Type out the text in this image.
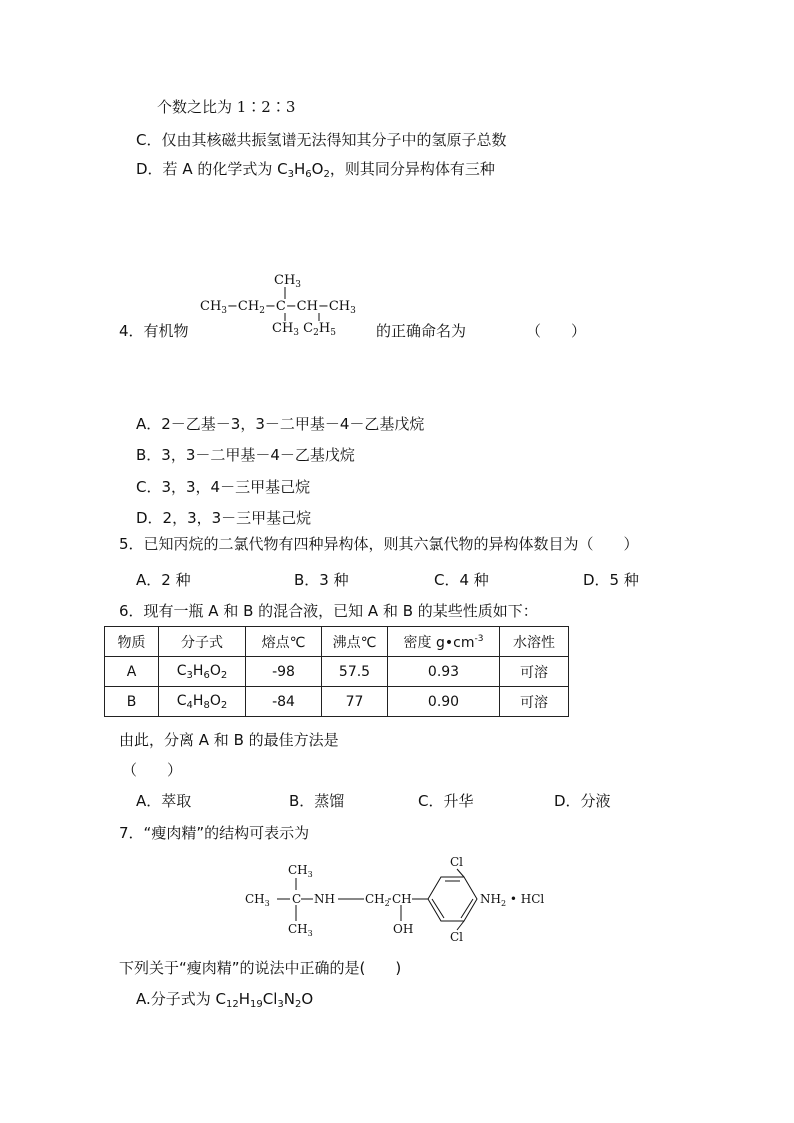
个数之比为 1∶2∶3
C．仅由其核磁共振氢谱无法得知其分子中的氢原子总数
D．若 A 的化学式为 $C_3H_6O_2$，则其同分异构体有三种
4．有机物
$CH_3$
$CH_3-CH_2-C-CH-CH_3$
$CH_3$ $C_2H_5$	的正确命名为	（　　）
A．2－乙基－3，3－二甲基－4－乙基戊烷
B．3，3－二甲基－4－乙基戊烷
C．3，3，4－三甲基己烷
D．2，3，3－三甲基己烷
5．已知丙烷的二氯代物有四种异构体，则其六氯代物的异构体数目为（　　）
A．2 种	B．3 种	C．4 种	D．5 种
6．现有一瓶 A 和 B 的混合液，已知 A 和 B 的某些性质如下：
物质	分子式	熔点℃	沸点℃	密度 $g•cm^{-3}$	水溶性
A	$C_3H_6O_2$	-98	57.5	0.93	可溶
B	$C_4H_8O_2$	-84	77	0.90	可溶
由此，分离 A 和 B 的最佳方法是
（　　）
A．萃取	B．蒸馏	C．升华	D．分液
7．“瘦肉精”的结构可表示为
$CH_3$
$CH_3$
$CH_3$
C NH	$CH_2$ CH
OH
Cl
Cl
$NH_2$ • HCl
下列关于“瘦肉精”的说法中正确的是(　　)
A.分子式为 $C_{12}H_{19}Cl_3N_2O$
